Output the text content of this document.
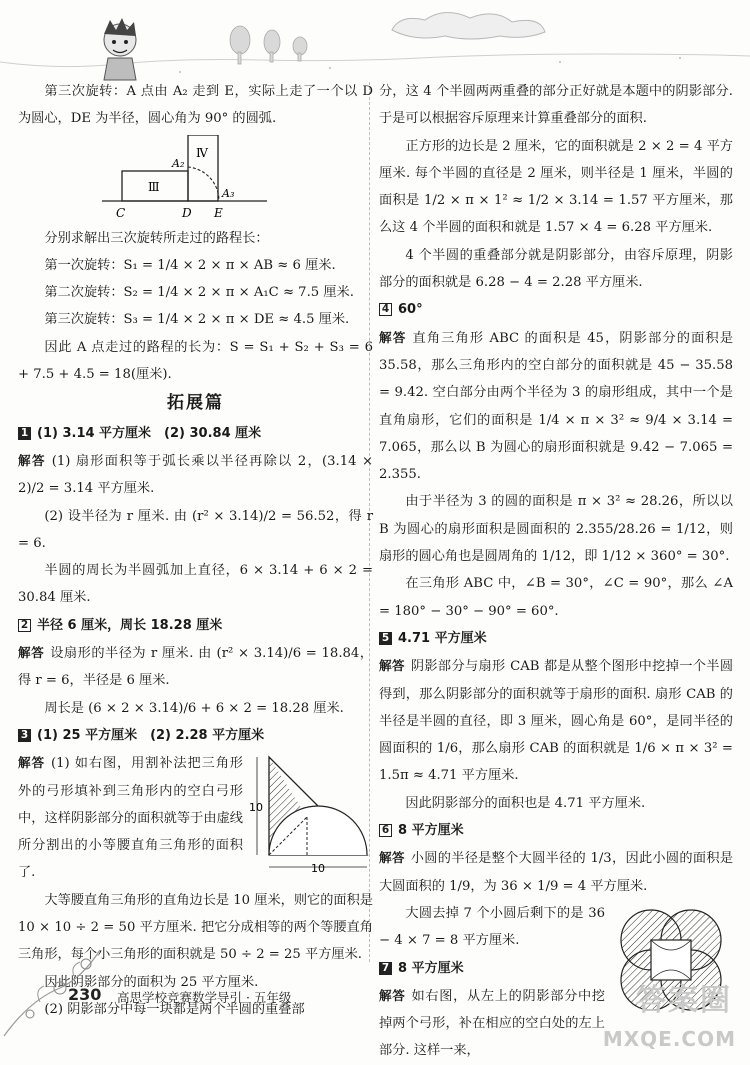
第三次旋转：A 点由 A₂ 走到 E，实际上走了一个以 D 为圆心，DE 为半径，圆心角为 90° 的圆弧.

C	D E
A₂
A₃
Ⅲ
Ⅳ

分别求解出三次旋转所走过的路程长：

第一次旋转：S₁ = 1/4 × 2 × π × AB ≈ 6 厘米.

第二次旋转：S₂ = 1/4 × 2 × π × A₁C ≈ 7.5 厘米.

第三次旋转：S₃ = 1/4 × 2 × π × DE ≈ 4.5 厘米.

因此 A 点走过的路程的长为：S = S₁ + S₂ + S₃ = 6 + 7.5 + 4.5 = 18(厘米).

拓展篇

1 (1) 3.14 平方厘米　(2) 30.84 厘米

解答 (1) 扇形面积等于弧长乘以半径再除以 2，(3.14 × 2)/2 = 3.14 平方厘米.

(2) 设半径为 r 厘米. 由 (r² × 3.14)/2 = 56.52，得 r = 6.

半圆的周长为半圆弧加上直径，6 × 3.14 + 6 × 2 = 30.84 厘米.

2 半径 6 厘米，周长 18.28 厘米

解答 设扇形的半径为 r 厘米. 由 (r² × 3.14)/6 = 18.84，得 r = 6，半径是 6 厘米.

周长是 (6 × 2 × 3.14)/6 + 6 × 2 = 18.28 厘米.

3 (1) 25 平方厘米　(2) 2.28 平方厘米

10
10

解答 (1) 如右图，用割补法把三角形外的弓形填补到三角形内的空白弓形中，这样阴影部分的面积就等于由虚线所分割出的小等腰直角三角形的面积了.

大等腰直角三角形的直角边长是 10 厘米，则它的面积是 10 × 10 ÷ 2 = 50 平方厘米. 把它分成相等的两个等腰直角三角形，每个小三角形的面积就是 50 ÷ 2 = 25 平方厘米.

因此阴影部分的面积为 25 平方厘米.

(2) 阴影部分中每一块都是两个半圆的重叠部

分，这 4 个半圆两两重叠的部分正好就是本题中的阴影部分. 于是可以根据容斥原理来计算重叠部分的面积.

正方形的边长是 2 厘米，它的面积就是 2 × 2 = 4 平方厘米. 每个半圆的直径是 2 厘米，则半径是 1 厘米，半圆的面积是 1/2 × π × 1² ≈ 1/2 × 3.14 = 1.57 平方厘米，那么这 4 个半圆的面积和就是 1.57 × 4 = 6.28 平方厘米.

4 个半圆的重叠部分就是阴影部分，由容斥原理，阴影部分的面积就是 6.28 − 4 = 2.28 平方厘米.

4 60°

解答 直角三角形 ABC 的面积是 45，阴影部分的面积是 35.58，那么三角形内的空白部分的面积就是 45 − 35.58 = 9.42. 空白部分由两个半径为 3 的扇形组成，其中一个是直角扇形，它们的面积是 1/4 × π × 3² ≈ 9/4 × 3.14 = 7.065，那么以 B 为圆心的扇形面积就是 9.42 − 7.065 = 2.355.

由于半径为 3 的圆的面积是 π × 3² ≈ 28.26，所以以 B 为圆心的扇形面积是圆面积的 2.355/28.26 = 1/12，则扇形的圆心角也是圆周角的 1/12，即 1/12 × 360° = 30°.

在三角形 ABC 中，∠B = 30°，∠C = 90°，那么 ∠A = 180° − 30° − 90° = 60°.

5 4.71 平方厘米

解答 阴影部分与扇形 CAB 都是从整个图形中挖掉一个半圆得到，那么阴影部分的面积就等于扇形的面积. 扇形 CAB 的半径是半圆的直径，即 3 厘米，圆心角是 60°，是同半径的圆面积的 1/6，那么扇形 CAB 的面积就是 1/6 × π × 3² = 1.5π ≈ 4.71 平方厘米.

因此阴影部分的面积也是 4.71 平方厘米.

6 8 平方厘米

解答 小圆的半径是整个大圆半径的 1/3，因此小圆的面积是大圆面积的 1/9，为 36 × 1/9 = 4 平方厘米.

大圆去掉 7 个小圆后剩下的是 36 − 4 × 7 = 8 平方厘米.

7 8 平方厘米

解答 如右图，从左上的阴影部分中挖掉两个弓形，补在相应的空白处的左上部分. 这样一来，

230 高思学校竞赛数学导引 · 五年级	答案圈
MXQE.COM
